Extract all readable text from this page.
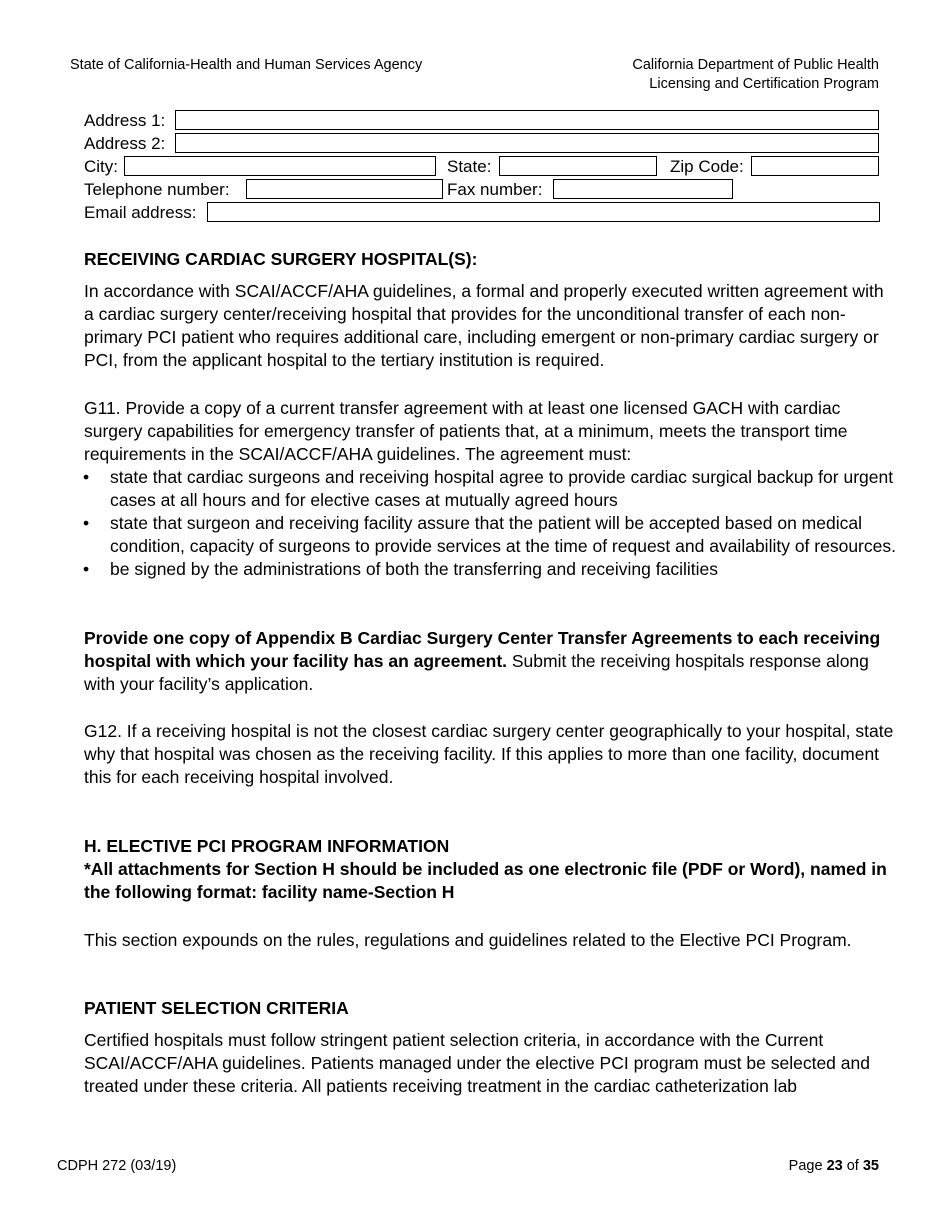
State of California-Health and Human Services Agency	California Department of Public Health
Licensing and Certification Program
Address 1:
Address 2:
City:	State:	Zip Code:
Telephone number:	Fax number:
Email address:
RECEIVING CARDIAC SURGERY HOSPITAL(S):

In accordance with SCAI/ACCF/AHA guidelines, a formal and properly executed written agreement with a cardiac surgery center/receiving hospital that provides for the unconditional transfer of each non-primary PCI patient who requires additional care, including emergent or non-primary cardiac surgery or PCI, from the applicant hospital to the tertiary institution is required.

G11. Provide a copy of a current transfer agreement with at least one licensed GACH with cardiac surgery capabilities for emergency transfer of patients that, at a minimum, meets the transport time requirements in the SCAI/ACCF/AHA guidelines. The agreement must:

• state that cardiac surgeons and receiving hospital agree to provide cardiac surgical backup for urgent cases at all hours and for elective cases at mutually agreed hours
• state that surgeon and receiving facility assure that the patient will be accepted based on medical condition, capacity of surgeons to provide services at the time of request and availability of resources.
• be signed by the administrations of both the transferring and receiving facilities

Provide one copy of Appendix B Cardiac Surgery Center Transfer Agreements to each receiving hospital with which your facility has an agreement. Submit the receiving hospitals response along with your facility’s application.

G12. If a receiving hospital is not the closest cardiac surgery center geographically to your hospital, state why that hospital was chosen as the receiving facility. If this applies to more than one facility, document this for each receiving hospital involved.

H. ELECTIVE PCI PROGRAM INFORMATION
*All attachments for Section H should be included as one electronic file (PDF or Word), named in the following format: facility name-Section H

This section expounds on the rules, regulations and guidelines related to the Elective PCI Program.

PATIENT SELECTION CRITERIA

Certified hospitals must follow stringent patient selection criteria, in accordance with the Current SCAI/ACCF/AHA guidelines. Patients managed under the elective PCI program must be selected and treated under these criteria. All patients receiving treatment in the cardiac catheterization lab

CDPH 272 (03/19)	Page 23 of 35
